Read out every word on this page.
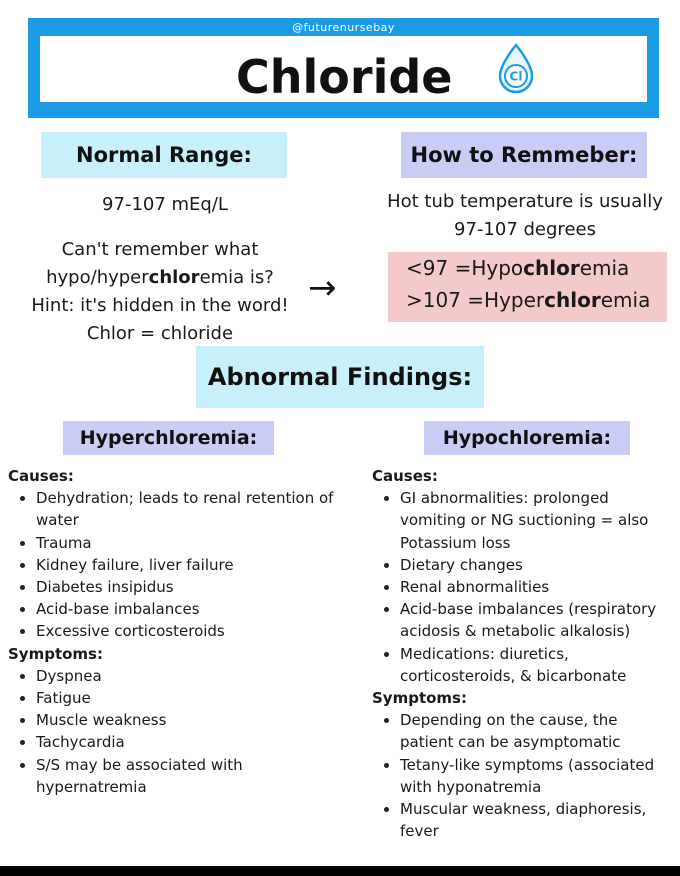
@futurenursebay
Chloride	Cl
Normal Range:
97-107 mEq/L
Can't remember what
hypo/hyperchloremia is?
Hint: it's hidden in the word!
Chlor = chloride
→
How to Remmeber:
Hot tub temperature is usually
97-107 degrees
<97 =Hypochloremia
>107 =Hyperchloremia
Abnormal Findings:
Hyperchloremia:	Hypochloremia:
Causes:
Dehydration; leads to renal retention of water
Trauma
Kidney failure, liver failure
Diabetes insipidus
Acid-base imbalances
Excessive corticosteroids
Symptoms:
Dyspnea
Fatigue
Muscle weakness
Tachycardia
S/S may be associated with hypernatremia
Causes:
GI abnormalities: prolonged vomiting or NG suctioning = also Potassium loss
Dietary changes
Renal abnormalities
Acid-base imbalances (respiratory acidosis & metabolic alkalosis)
Medications: diuretics, corticosteroids, & bicarbonate
Symptoms:
Depending on the cause, the patient can be asymptomatic
Tetany-like symptoms (associated with hyponatremia
Muscular weakness, diaphoresis, fever
